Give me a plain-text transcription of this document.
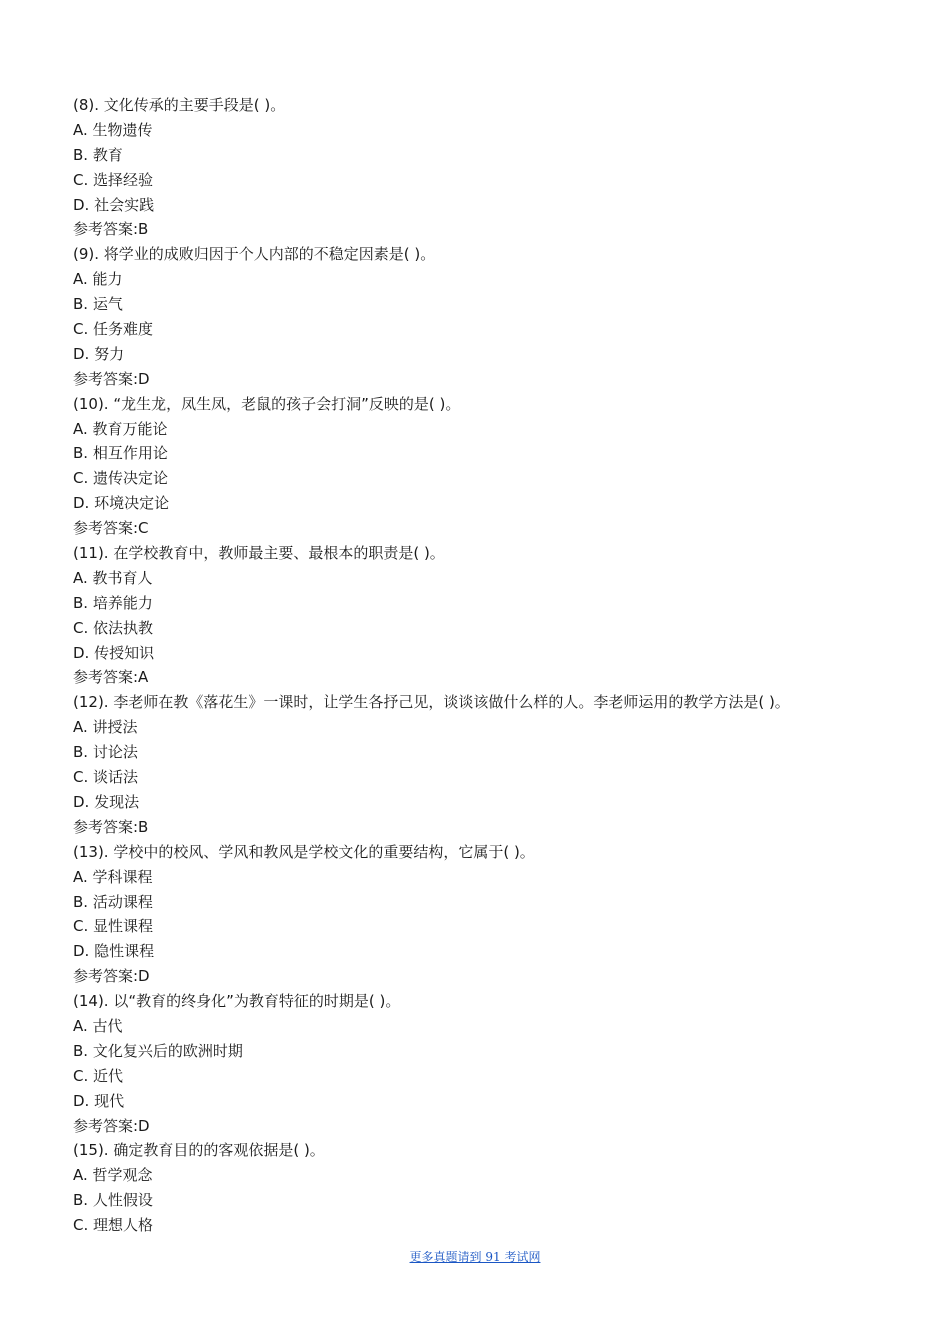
(8). 文化传承的主要手段是( )。
A. 生物遗传
B. 教育
C. 选择经验
D. 社会实践
参考答案:B
(9). 将学业的成败归因于个人内部的不稳定因素是( )。
A. 能力
B. 运气
C. 任务难度
D. 努力
参考答案:D
(10). “龙生龙，凤生凤，老鼠的孩子会打洞”反映的是( )。
A. 教育万能论
B. 相互作用论
C. 遗传决定论
D. 环境决定论
参考答案:C
(11). 在学校教育中，教师最主要、最根本的职责是( )。
A. 教书育人
B. 培养能力
C. 依法执教
D. 传授知识
参考答案:A
(12). 李老师在教《落花生》一课时，让学生各抒己见，谈谈该做什么样的人。李老师运用的教学方法是( )。
A. 讲授法
B. 讨论法
C. 谈话法
D. 发现法
参考答案:B
(13). 学校中的校风、学风和教风是学校文化的重要结构，它属于( )。
A. 学科课程
B. 活动课程
C. 显性课程
D. 隐性课程
参考答案:D
(14). 以“教育的终身化”为教育特征的时期是( )。
A. 古代
B. 文化复兴后的欧洲时期
C. 近代
D. 现代
参考答案:D
(15). 确定教育目的的客观依据是( )。
A. 哲学观念
B. 人性假设
C. 理想人格
更多真题请到 91 考试网
